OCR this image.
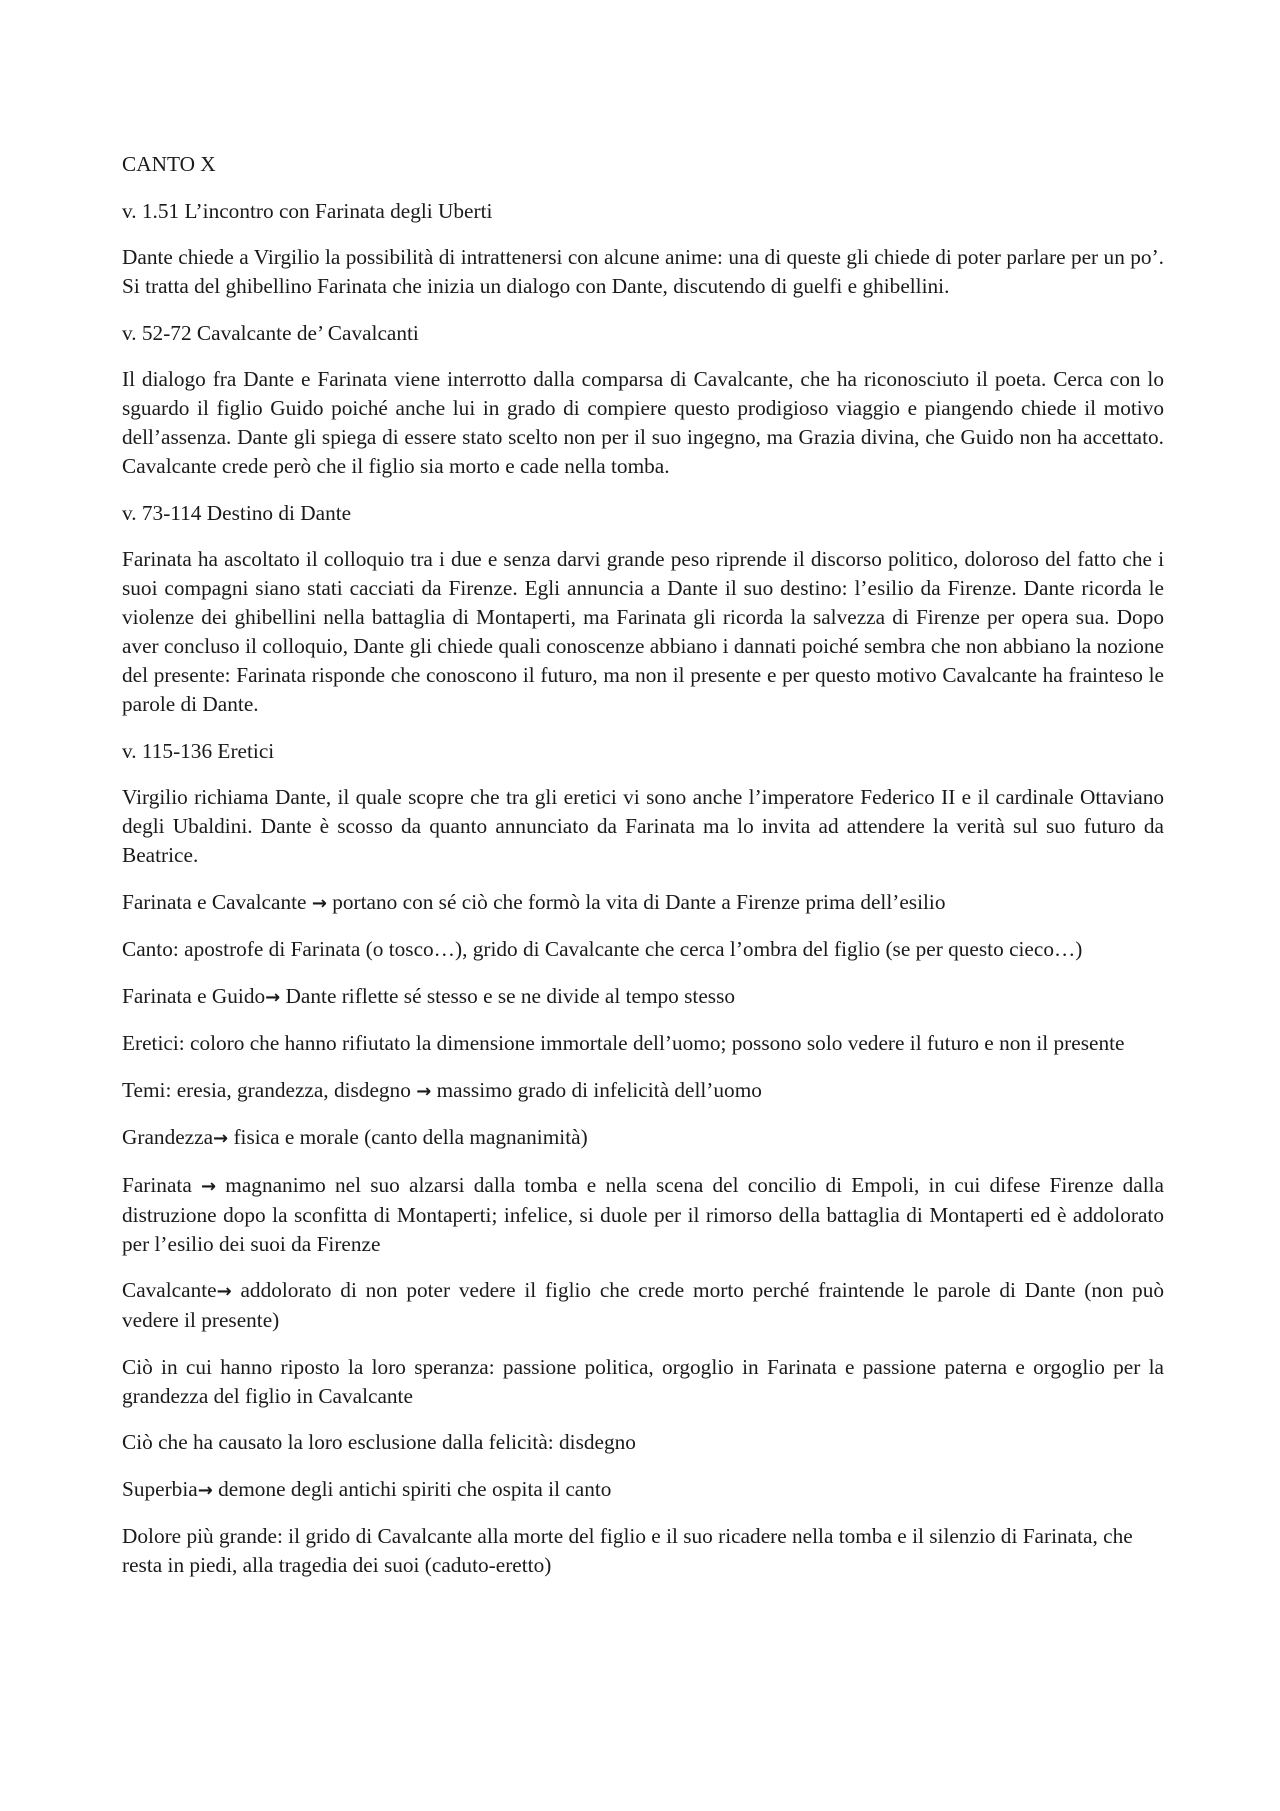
CANTO X

v. 1.51 L’incontro con Farinata degli Uberti

Dante chiede a Virgilio la possibilità di intrattenersi con alcune anime: una di queste gli chiede di poter parlare per un po’. Si tratta del ghibellino Farinata che inizia un dialogo con Dante, discutendo di guelfi e ghibellini.

v. 52-72 Cavalcante de’ Cavalcanti

Il dialogo fra Dante e Farinata viene interrotto dalla comparsa di Cavalcante, che ha riconosciuto il poeta. Cerca con lo sguardo il figlio Guido poiché anche lui in grado di compiere questo prodigioso viaggio e piangendo chiede il motivo dell’assenza. Dante gli spiega di essere stato scelto non per il suo ingegno, ma Grazia divina, che Guido non ha accettato. Cavalcante crede però che il figlio sia morto e cade nella tomba.

v. 73-114 Destino di Dante

Farinata ha ascoltato il colloquio tra i due e senza darvi grande peso riprende il discorso politico, doloroso del fatto che i suoi compagni siano stati cacciati da Firenze. Egli annuncia a Dante il suo destino: l’esilio da Firenze. Dante ricorda le violenze dei ghibellini nella battaglia di Montaperti, ma Farinata gli ricorda la salvezza di Firenze per opera sua. Dopo aver concluso il colloquio, Dante gli chiede quali conoscenze abbiano i dannati poiché sembra che non abbiano la nozione del presente: Farinata risponde che conoscono il futuro, ma non il presente e per questo motivo Cavalcante ha frainteso le parole di Dante.

v. 115-136 Eretici

Virgilio richiama Dante, il quale scopre che tra gli eretici vi sono anche l’imperatore Federico II e il cardinale Ottaviano degli Ubaldini. Dante è scosso da quanto annunciato da Farinata ma lo invita ad attendere la verità sul suo futuro da Beatrice.

Farinata e Cavalcante → portano con sé ciò che formò la vita di Dante a Firenze prima dell’esilio

Canto: apostrofe di Farinata (o tosco…), grido di Cavalcante che cerca l’ombra del figlio (se per questo cieco…)

Farinata e Guido→ Dante riflette sé stesso e se ne divide al tempo stesso

Eretici: coloro che hanno rifiutato la dimensione immortale dell’uomo; possono solo vedere il futuro e non il presente

Temi: eresia, grandezza, disdegno → massimo grado di infelicità dell’uomo

Grandezza→ fisica e morale (canto della magnanimità)

Farinata → magnanimo nel suo alzarsi dalla tomba e nella scena del concilio di Empoli, in cui difese Firenze dalla distruzione dopo la sconfitta di Montaperti; infelice, si duole per il rimorso della battaglia di Montaperti ed è addolorato per l’esilio dei suoi da Firenze

Cavalcante→ addolorato di non poter vedere il figlio che crede morto perché fraintende le parole di Dante (non può vedere il presente)

Ciò in cui hanno riposto la loro speranza: passione politica, orgoglio in Farinata e passione paterna e orgoglio per la grandezza del figlio in Cavalcante

Ciò che ha causato la loro esclusione dalla felicità: disdegno

Superbia→ demone degli antichi spiriti che ospita il canto

Dolore più grande: il grido di Cavalcante alla morte del figlio e il suo ricadere nella tomba e il silenzio di Farinata, che resta in piedi, alla tragedia dei suoi (caduto-eretto)
